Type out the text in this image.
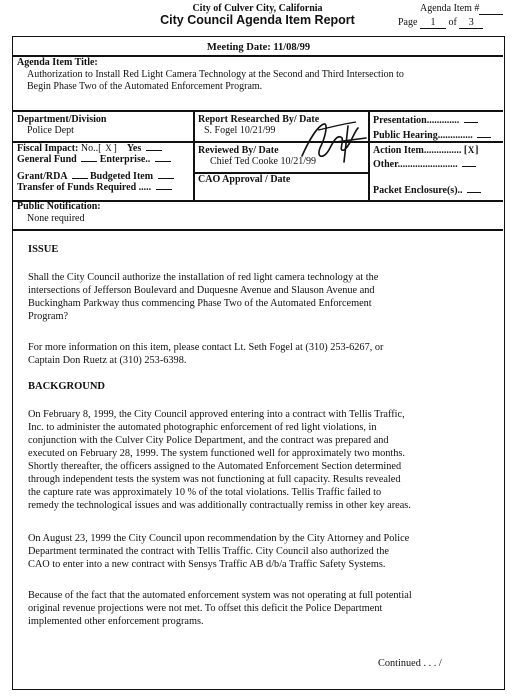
City of Culver City, California
City Council Agenda Item Report
Agenda Item #
Page 1 of 3
Meeting Date: 11/08/99
Agenda Item Title:
Authorization to Install Red Light Camera Technology at the Second and Third Intersection to
Begin Phase Two of the Automated Enforcement Program.
Department/Division
Police Dept
Fiscal Impact: No..[ X ] Yes
General Fund Enterprise..
Grant/RDA Budgeted Item
Transfer of Funds Required .....
Report Researched By/ Date
S. Fogel 10/21/99
Reviewed By/ Date
Chief Ted Cooke 10/21/99
CAO Approval / Date
Presentation.............
Public Hearing..............
Action Item............... [X]
Other........................
Packet Enclosure(s)..
Public Notification:
None required
ISSUE
Shall the City Council authorize the installation of red light camera technology at the
intersections of Jefferson Boulevard and Duquesne Avenue and Slauson Avenue and
Buckingham Parkway thus commencing Phase Two of the Automated Enforcement
Program?
For more information on this item, please contact Lt. Seth Fogel at (310) 253-6267, or
Captain Don Ruetz at (310) 253-6398.
BACKGROUND
On February 8, 1999, the City Council approved entering into a contract with Tellis Traffic,
Inc. to administer the automated photographic enforcement of red light violations, in
conjunction with the Culver City Police Department, and the contract was prepared and
executed on February 28, 1999. The system functioned well for approximately two months.
Shortly thereafter, the officers assigned to the Automated Enforcement Section determined
through independent tests the system was not functioning at full capacity. Results revealed
the capture rate was approximately 10 % of the total violations. Tellis Traffic failed to
remedy the technological issues and was additionally contractually remiss in other key areas.
On August 23, 1999 the City Council upon recommendation by the City Attorney and Police
Department terminated the contract with Tellis Traffic. City Council also authorized the
CAO to enter into a new contract with Sensys Traffic AB d/b/a Traffic Safety Systems.
Because of the fact that the automated enforcement system was not operating at full potential
original revenue projections were not met. To offset this deficit the Police Department
implemented other enforcement programs.
Continued . . . /
